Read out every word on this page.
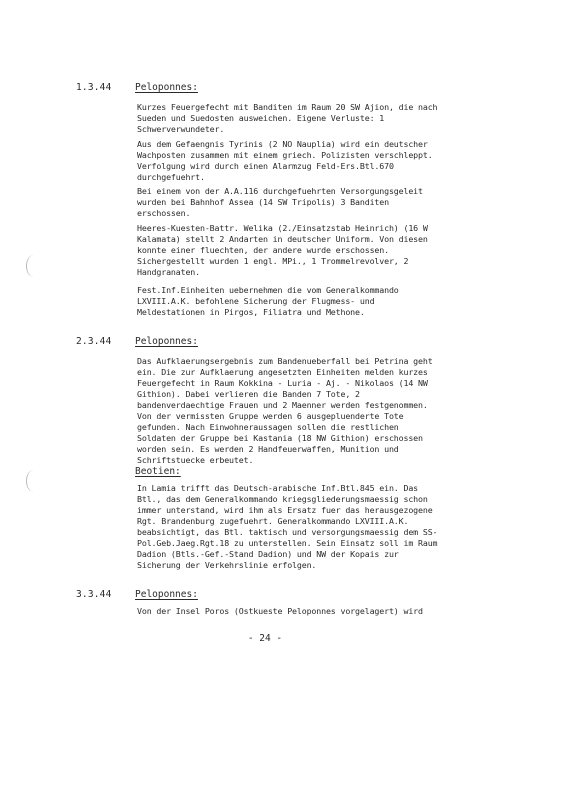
1.3.44 Peloponnes:

Kurzes Feuergefecht mit Banditen im Raum 20 SW Ajion, die nach Sueden und Suedosten ausweichen. Eigene Verluste: 1 Schwerverwundeter.

Aus dem Gefaengnis Tyrinis (2 NO Nauplia) wird ein deutscher Wachposten zusammen mit einem griech. Polizisten verschleppt. Verfolgung wird durch einen Alarmzug Feld-Ers.Btl.670 durchgefuehrt.

Bei einem von der A.A.116 durchgefuehrten Versorgungsgeleit wurden bei Bahnhof Assea (14 SW Tripolis) 3 Banditen erschossen.

Heeres-Kuesten-Battr. Welika (2./Einsatzstab Heinrich) (16 W Kalamata) stellt 2 Andarten in deutscher Uniform. Von diesen konnte einer fluechten, der andere wurde erschossen. Sichergestellt wurden 1 engl. MPi., 1 Trommelrevolver, 2 Handgranaten.

Fest.Inf.Einheiten uebernehmen die vom Generalkommando LXVIII.A.K. befohlene Sicherung der Flugmess- und Meldestationen in Pirgos, Filiatra und Methone.

2.3.44 Peloponnes:

Das Aufklaerungsergebnis zum Bandenueberfall bei Petrina geht ein. Die zur Aufklaerung angesetzten Einheiten melden kurzes Feuergefecht in Raum Kokkina - Luria - Aj. - Nikolaos (14 NW Githion). Dabei verlieren die Banden 7 Tote, 2 bandenverdaechtige Frauen und 2 Maenner werden festgenommen. Von der vermissten Gruppe werden 6 ausgepluenderte Tote gefunden. Nach Einwohneraussagen sollen die restlichen Soldaten der Gruppe bei Kastania (18 NW Githion) erschossen worden sein. Es werden 2 Handfeuerwaffen, Munition und Schriftstuecke erbeutet.

Beotien:

In Lamia trifft das Deutsch-arabische Inf.Btl.845 ein. Das Btl., das dem Generalkommando kriegsgliederungsmaessig schon immer unterstand, wird ihm als Ersatz fuer das herausgezogene Rgt. Brandenburg zugefuehrt. Generalkommando LXVIII.A.K. beabsichtigt, das Btl. taktisch und versorgungsmaessig dem SS-Pol.Geb.Jaeg.Rgt.18 zu unterstellen. Sein Einsatz soll im Raum Dadion (Btls.-Gef.-Stand Dadion) und NW der Kopais zur Sicherung der Verkehrslinie erfolgen.

3.3.44 Peloponnes:

Von der Insel Poros (Ostkueste Peloponnes vorgelagert) wird

- 24 -
